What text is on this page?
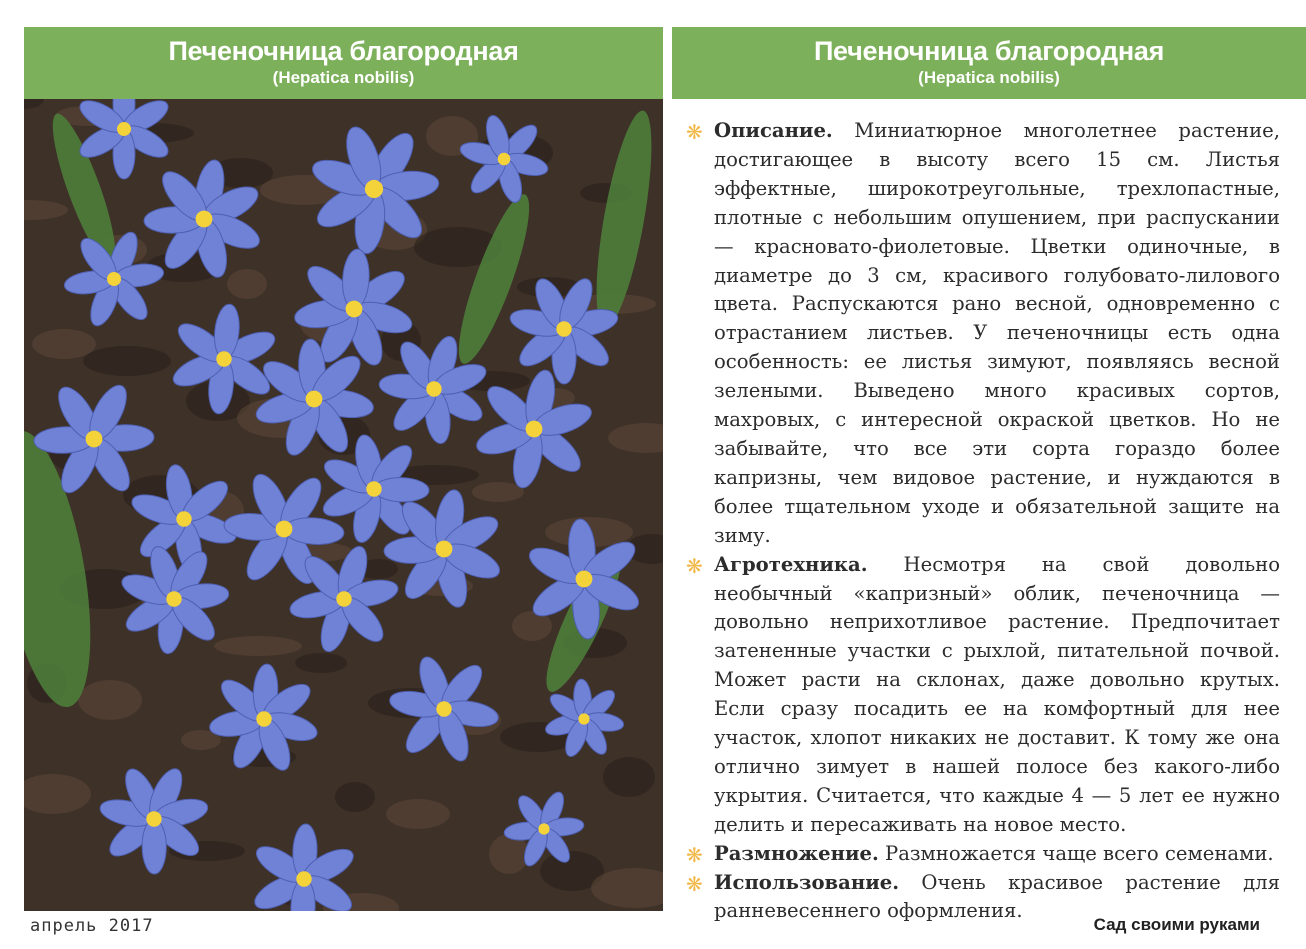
Печеночница благородная
(Hepatica nobilis)
Печеночница благородная
(Hepatica nobilis)
❋ Описание. Миниатюрное многолетнее растение, достигающее в высоту всего 15 см. Листья эффектные, широкотреугольные, трехлопастные, плотные с небольшим опушением, при распускании — красновато-фиолетовые. Цветки одиночные, в диаметре до 3 см, красивого голубовато-лилового цвета. Распускаются рано весной, одновременно с отрастанием листьев. У печеночницы есть одна особенность: ее листья зимуют, появляясь весной зелеными. Выведено много красивых сортов, махровых, с интересной окраской цветков. Но не забывайте, что все эти сорта гораздо более капризны, чем видовое растение, и нуждаются в более тщательном уходе и обязательной защите на зиму.
❋ Агротехника. Несмотря на свой довольно необычный «капризный» облик, печеночница — довольно неприхотливое растение. Предпочитает затененные участки с рыхлой, питательной почвой. Может расти на склонах, даже довольно крутых. Если сразу посадить ее на комфортный для нее участок, хлопот никаких не доставит. К тому же она отлично зимует в нашей полосе без какого-либо укрытия. Считается, что каждые 4 — 5 лет ее нужно делить и пересаживать на новое место.
❋ Размножение. Размножается чаще всего семенами.
❋ Использование. Очень красивое растение для ранневесеннего оформления.
апрель 2017	Сад своими руками
